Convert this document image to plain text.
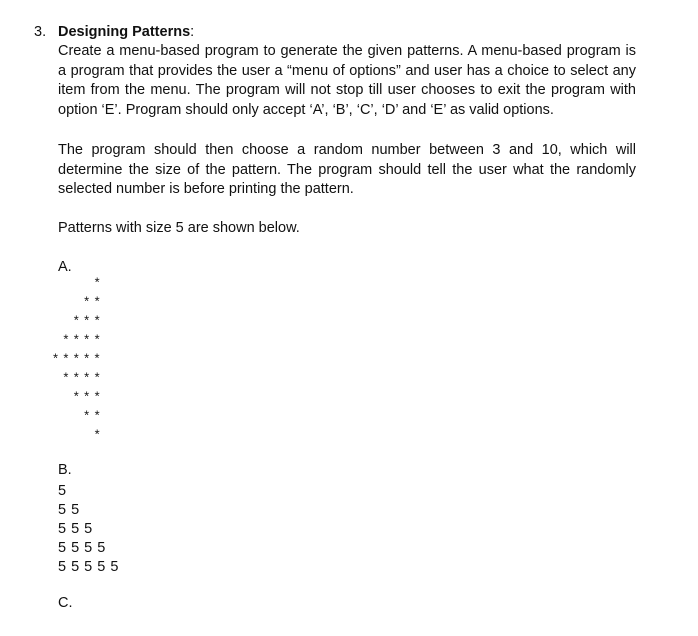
3. Designing Patterns:
Create a menu-based program to generate the given patterns. A menu-based program is a program that provides the user a “menu of options” and user has a choice to select any item from the menu. The program will not stop till user chooses to exit the program with option ‘E’. Program should only accept ‘A’, ‘B’, ‘C’, ‘D’ and ‘E’ as valid options.
The program should then choose a random number between 3 and 10, which will determine the size of the pattern. The program should tell the user what the randomly selected number is before printing the pattern.
Patterns with size 5 are shown below.
A.
*
* *
* * *
* * * *
* * * * *
* * * *
* * *
* *
*
B.
5
5 5
5 5 5
5 5 5 5
5 5 5 5 5
C.
